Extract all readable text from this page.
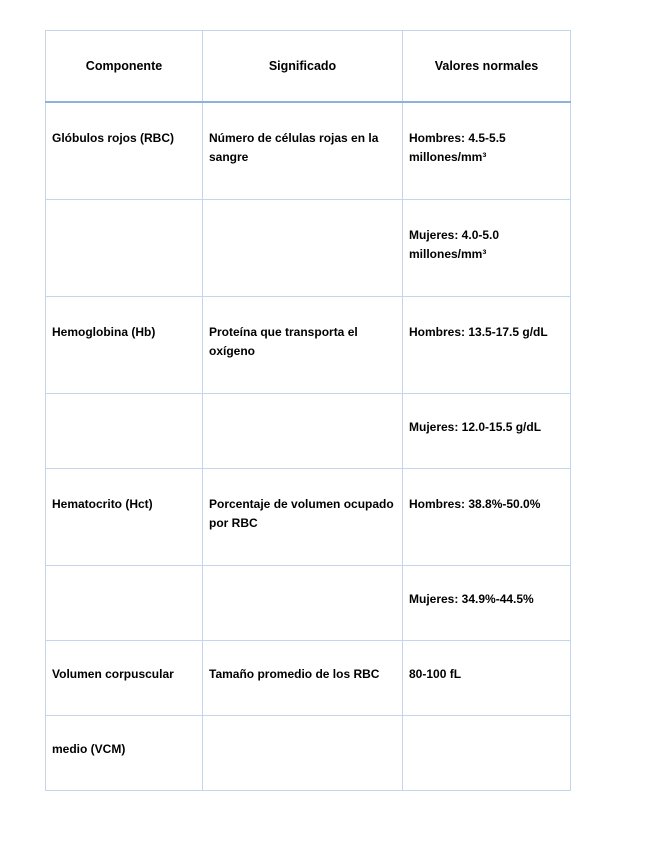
Componente	Significado	Valores normales
Glóbulos rojos (RBC)	Número de células rojas en la sangre	Hombres: 4.5-5.5 millones/mm³
		Mujeres: 4.0-5.0 millones/mm³
Hemoglobina (Hb)	Proteína que transporta el oxígeno	Hombres: 13.5-17.5 g/dL
		Mujeres: 12.0-15.5 g/dL
Hematocrito (Hct)	Porcentaje de volumen ocupado por RBC	Hombres: 38.8%-50.0%
		Mujeres: 34.9%-44.5%
Volumen corpuscular	Tamaño promedio de los RBC	80-100 fL
medio (VCM)		
